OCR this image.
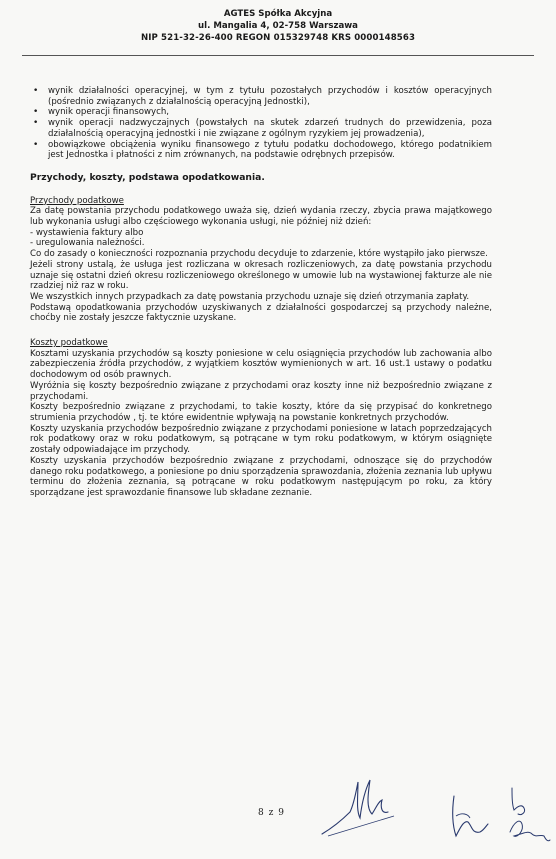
AGTES Spółka Akcyjna
ul. Mangalia 4, 02-758 Warszawa
NIP 521-32-26-400 REGON 015329748 KRS 0000148563
• wynik działalności operacyjnej, w tym z tytułu pozostałych przychodów i kosztów operacyjnych (pośrednio związanych z działalnością operacyjną Jednostki),
• wynik operacji finansowych,
• wynik operacji nadzwyczajnych (powstałych na skutek zdarzeń trudnych do przewidzenia, poza działalnością operacyjną jednostki i nie związane z ogólnym ryzykiem jej prowadzenia),
• obowiązkowe obciążenia wyniku finansowego z tytułu podatku dochodowego, którego podatnikiem jest Jednostka i płatności z nim zrównanych, na podstawie odrębnych przepisów.
Przychody, koszty, podstawa opodatkowania.
Przychody podatkowe
Za datę powstania przychodu podatkowego uważa się, dzień wydania rzeczy, zbycia prawa majątkowego lub wykonania usługi albo częściowego wykonania usługi, nie później niż dzień:
- wystawienia faktury albo
- uregulowania należności.
Co do zasady o konieczności rozpoznania przychodu decyduje to zdarzenie, które wystąpiło jako pierwsze.
Jeżeli strony ustalą, że usługa jest rozliczana w okresach rozliczeniowych, za datę powstania przychodu uznaje się ostatni dzień okresu rozliczeniowego określonego w umowie lub na wystawionej fakturze ale nie rzadziej niż raz w roku.
We wszystkich innych przypadkach za datę powstania przychodu uznaje się dzień otrzymania zapłaty.
Podstawą opodatkowania przychodów uzyskiwanych z działalności gospodarczej są przychody należne, choćby nie zostały jeszcze faktycznie uzyskane.
Koszty podatkowe
Kosztami uzyskania przychodów są koszty poniesione w celu osiągnięcia przychodów lub zachowania albo zabezpieczenia źródła przychodów, z wyjątkiem kosztów wymienionych w art. 16 ust.1 ustawy o podatku dochodowym od osób prawnych.
Wyróżnia się koszty bezpośrednio związane z przychodami oraz koszty inne niż bezpośrednio związane z przychodami.
Koszty bezpośrednio związane z przychodami, to takie koszty, które da się przypisać do konkretnego strumienia przychodów , tj. te które ewidentnie wpływają na powstanie konkretnych przychodów.
Koszty uzyskania przychodów bezpośrednio związane z przychodami poniesione w latach poprzedzających rok podatkowy oraz w roku podatkowym, są potrącane w tym roku podatkowym, w którym osiągnięte zostały odpowiadające im przychody.
Koszty uzyskania przychodów bezpośrednio związane z przychodami, odnoszące się do przychodów danego roku podatkowego, a poniesione po dniu sporządzenia sprawozdania, złożenia zeznania lub upływu terminu do złożenia zeznania, są potrącane w roku podatkowym następującym po roku, za który sporządzane jest sprawozdanie finansowe lub składane zeznanie.
8 z 9
